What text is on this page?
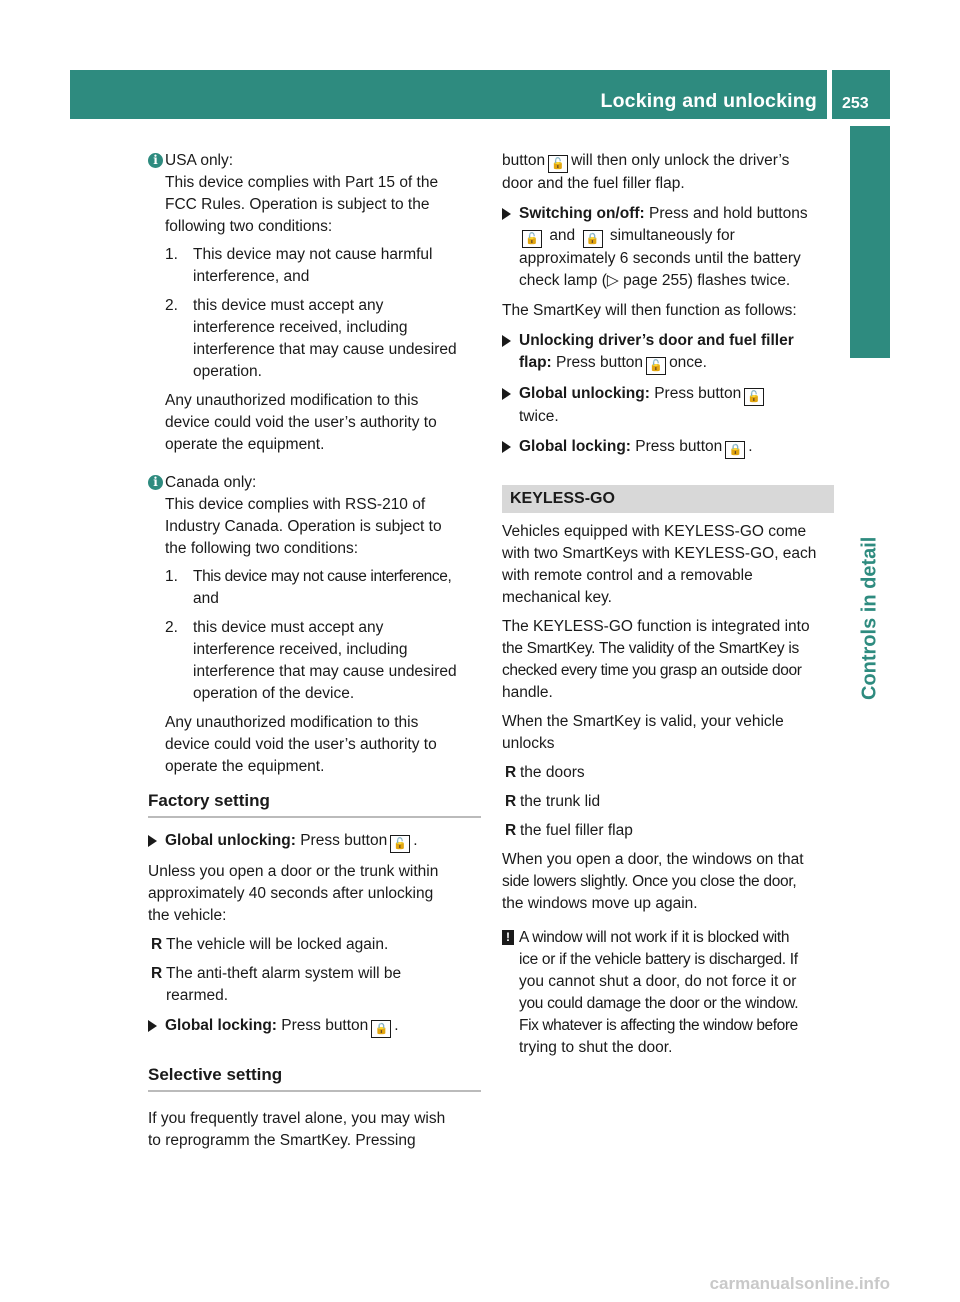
Locking and unlocking 253
Controls in detail
i USA only:

This device complies with Part 15 of the

FCC Rules. Operation is subject to the

following two conditions:

1. This device may not cause harmful

interference, and

2. this device must accept any

interference received, including

interference that may cause undesired

operation.

Any unauthorized modification to this

device could void the user’s authority to

operate the equipment.

i Canada only:

This device complies with RSS-210 of

Industry Canada. Operation is subject to

the following two conditions:

1. This device may not cause interference,

and

2. this device must accept any

interference received, including

interference that may cause undesired

operation of the device.

Any unauthorized modification to this

device could void the user’s authority to

operate the equipment.

Factory setting

Global unlocking: Press button 🔓 .

Unless you open a door or the trunk within

approximately 40 seconds after unlocking

the vehicle:

R The vehicle will be locked again.

R The anti-theft alarm system will be

rearmed.

Global locking: Press button 🔒 .

Selective setting

If you frequently travel alone, you may wish

to reprogramm the SmartKey. Pressing

button 🔓 will then only unlock the driver’s

door and the fuel filler flap.

Switching on/off: Press and hold buttons

🔓 and 🔒 simultaneously for

approximately 6 seconds until the battery

check lamp (▷ page 255) flashes twice.

The SmartKey will then function as follows:

Unlocking driver’s door and fuel filler

flap: Press button 🔓 once.

Global unlocking: Press button 🔓

twice.

Global locking: Press button 🔒 .

KEYLESS-GO

Vehicles equipped with KEYLESS-GO come

with two SmartKeys with KEYLESS-GO, each

with remote control and a removable

mechanical key.

The KEYLESS-GO function is integrated into

the SmartKey. The validity of the SmartKey is

checked every time you grasp an outside door

handle.

When the SmartKey is valid, your vehicle

unlocks

R the doors

R the trunk lid

R the fuel filler flap

When you open a door, the windows on that

side lowers slightly. Once you close the door,

the windows move up again.

! A window will not work if it is blocked with

ice or if the vehicle battery is discharged. If

you cannot shut a door, do not force it or

you could damage the door or the window.

Fix whatever is affecting the window before

trying to shut the door.

carmanualsonline.info
